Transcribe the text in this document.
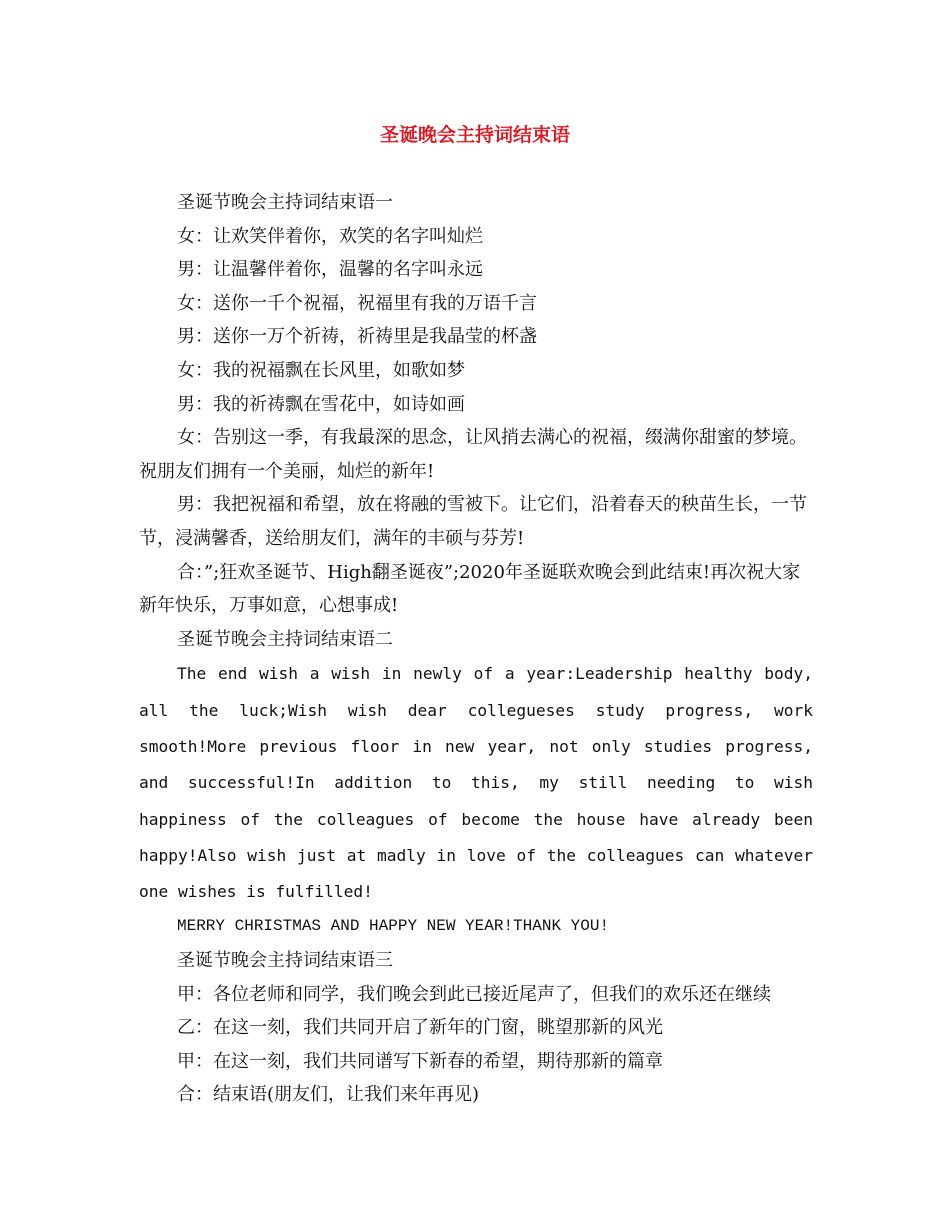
圣诞晚会主持词结束语

圣诞节晚会主持词结束语一

女：让欢笑伴着你，欢笑的名字叫灿烂

男：让温馨伴着你，温馨的名字叫永远

女：送你一千个祝福，祝福里有我的万语千言

男：送你一万个祈祷，祈祷里是我晶莹的杯盏

女：我的祝福飘在长风里，如歌如梦

男：我的祈祷飘在雪花中，如诗如画

女：告别这一季，有我最深的思念，让风捎去满心的祝福，缀满你甜蜜的梦境。祝朋友们拥有一个美丽，灿烂的新年!

男：我把祝福和希望，放在将融的雪被下。让它们，沿着春天的秧苗生长，一节节，浸满馨香，送给朋友们，满年的丰硕与芬芳!

合：”;狂欢圣诞节、High翻圣诞夜”;2020年圣诞联欢晚会到此结束!再次祝大家新年快乐，万事如意，心想事成!

圣诞节晚会主持词结束语二

The end wish a wish in newly of a year:Leadership healthy body, all the luck;Wish wish dear collegueses study progress, work smooth!More previous floor in new year, not only studies progress, and successful!In addition to this, my still needing to wish happiness of the colleagues of become the house have already been happy!Also wish just at madly in love of the colleagues can whatever one wishes is fulfilled!

MERRY CHRISTMAS AND HAPPY NEW YEAR!THANK YOU!

圣诞节晚会主持词结束语三

甲：各位老师和同学，我们晚会到此已接近尾声了，但我们的欢乐还在继续

乙：在这一刻，我们共同开启了新年的门窗，眺望那新的风光

甲：在这一刻，我们共同谱写下新春的希望，期待那新的篇章

合：结束语(朋友们，让我们来年再见)
